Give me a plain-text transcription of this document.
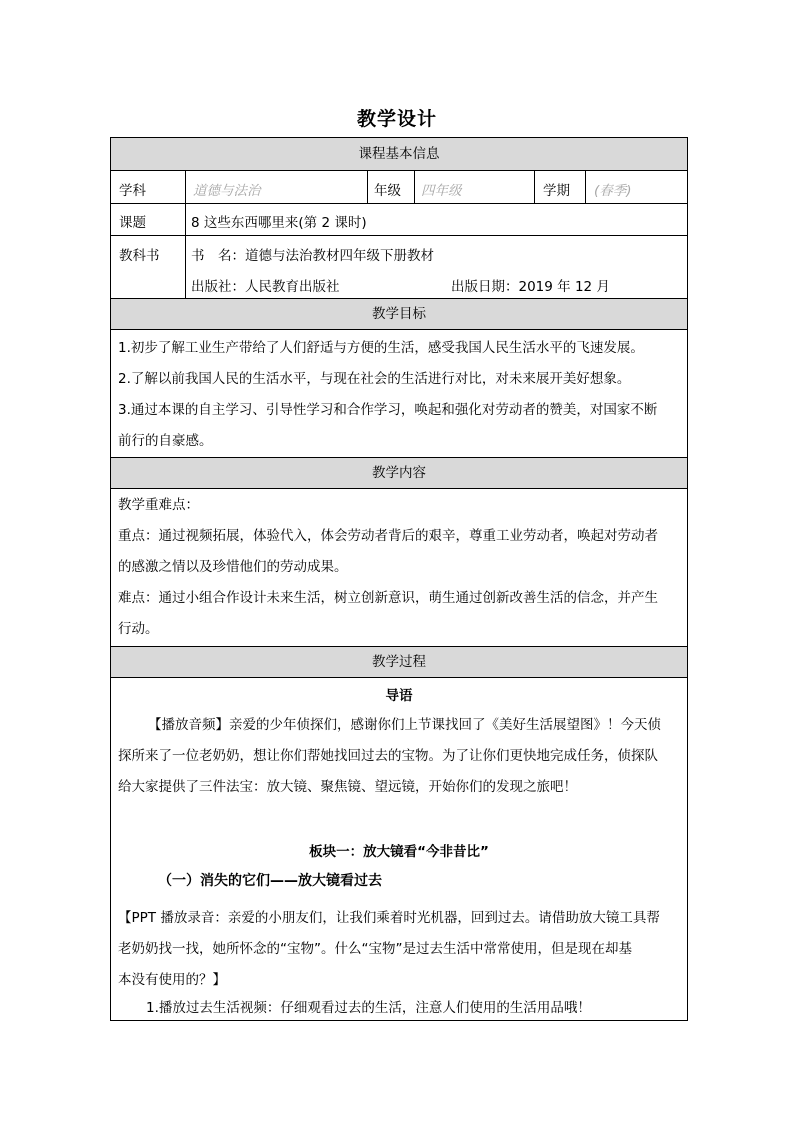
教学设计
课程基本信息
学科	道德与法治	年级 四年级	学期 (春季)
课题	8 这些东西哪里来(第 2 课时)
教科书 书　名：道德与法治教材四年级下册教材
出版社：人民教育出版社	出版日期：2019 年 12 月
教学目标
1.初步了解工业生产带给了人们舒适与方便的生活，感受我国人民生活水平的飞速发展。
2.了解以前我国人民的生活水平，与现在社会的生活进行对比，对未来展开美好想象。
3.通过本课的自主学习、引导性学习和合作学习，唤起和强化对劳动者的赞美，对国家不断
前行的自豪感。
教学内容
教学重难点：
重点：通过视频拓展，体验代入，体会劳动者背后的艰辛，尊重工业劳动者，唤起对劳动者
的感激之情以及珍惜他们的劳动成果。
难点：通过小组合作设计未来生活，树立创新意识，萌生通过创新改善生活的信念，并产生
行动。
教学过程
导语
【播放音频】亲爱的少年侦探们，感谢你们上节课找回了《美好生活展望图》！今天侦
探所来了一位老奶奶，想让你们帮她找回过去的宝物。为了让你们更快地完成任务，侦探队
给大家提供了三件法宝：放大镜、聚焦镜、望远镜，开始你们的发现之旅吧！
板块一：放大镜看“今非昔比”
（一）消失的它们——放大镜看过去
【PPT 播放录音：亲爱的小朋友们，让我们乘着时光机器，回到过去。请借助放大镜工具帮
老奶奶找一找，她所怀念的“宝物”。什么“宝物”是过去生活中常常使用，但是现在却基
本没有使用的？】
1.播放过去生活视频：仔细观看过去的生活，注意人们使用的生活用品哦！
